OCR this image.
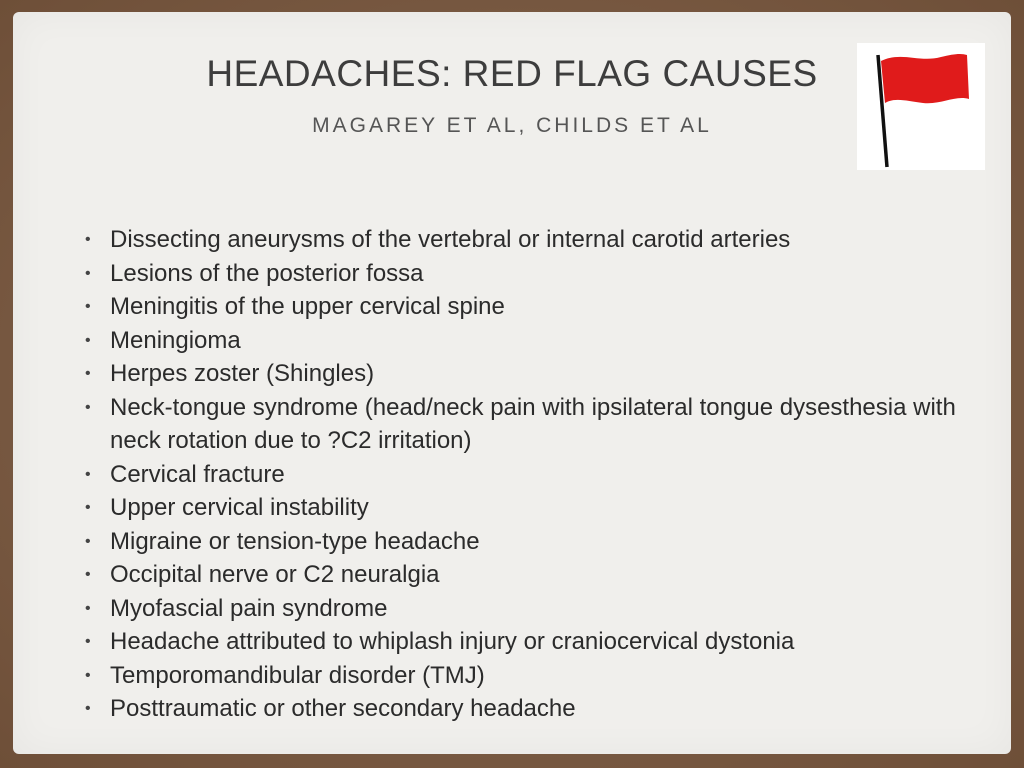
HEADACHES: RED FLAG CAUSES

MAGAREY ET AL, CHILDS ET AL

• Dissecting aneurysms of the vertebral or internal carotid arteries
• Lesions of the posterior fossa
• Meningitis of the upper cervical spine
• Meningioma
• Herpes zoster (Shingles)
• Neck-tongue syndrome (head/neck pain with ipsilateral tongue dysesthesia with neck rotation due to ?C2 irritation)
• Cervical fracture
• Upper cervical instability
• Migraine or tension-type headache
• Occipital nerve or C2 neuralgia
• Myofascial pain syndrome
• Headache attributed to whiplash injury or craniocervical dystonia
• Temporomandibular disorder (TMJ)
• Posttraumatic or other secondary headache
